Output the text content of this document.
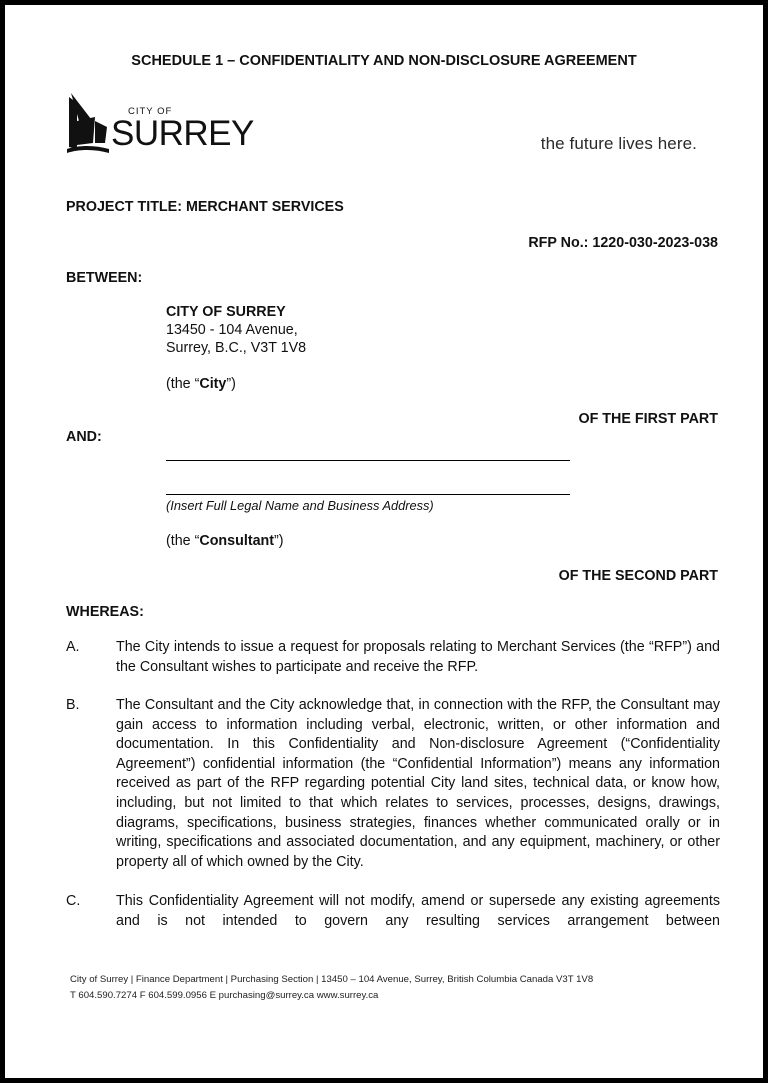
SCHEDULE 1 – CONFIDENTIALITY AND NON-DISCLOSURE AGREEMENT
CITY OF
SURREY	the future lives here.
PROJECT TITLE: MERCHANT SERVICES
RFP No.: 1220-030-2023-038
BETWEEN:
CITY OF SURREY
13450 - 104 Avenue,
Surrey, B.C., V3T 1V8
(the “City”)
OF THE FIRST PART
AND:
(Insert Full Legal Name and Business Address)
(the “Consultant”)
OF THE SECOND PART
WHEREAS:
A.	The City intends to issue a request for proposals relating to Merchant Services (the “RFP”) and the Consultant wishes to participate and receive the RFP.
B.	The Consultant and the City acknowledge that, in connection with the RFP, the Consultant may gain access to information including verbal, electronic, written, or other information and documentation. In this Confidentiality and Non-disclosure Agreement (“Confidentiality Agreement”) confidential information (the “Confidential Information”) means any information received as part of the RFP regarding potential City land sites, technical data, or know how, including, but not limited to that which relates to services, processes, designs, drawings, diagrams, specifications, business strategies, finances whether communicated orally or in writing, specifications and associated documentation, and any equipment, machinery, or other property all of which owned by the City.
C. This Confidentiality Agreement will not modify, amend or supersede any existing agreements and is not intended to govern any resulting services arrangement between
City of Surrey | Finance Department | Purchasing Section | 13450 – 104 Avenue, Surrey, British Columbia Canada V3T 1V8
T 604.590.7274 F 604.599.0956 E purchasing@surrey.ca www.surrey.ca
